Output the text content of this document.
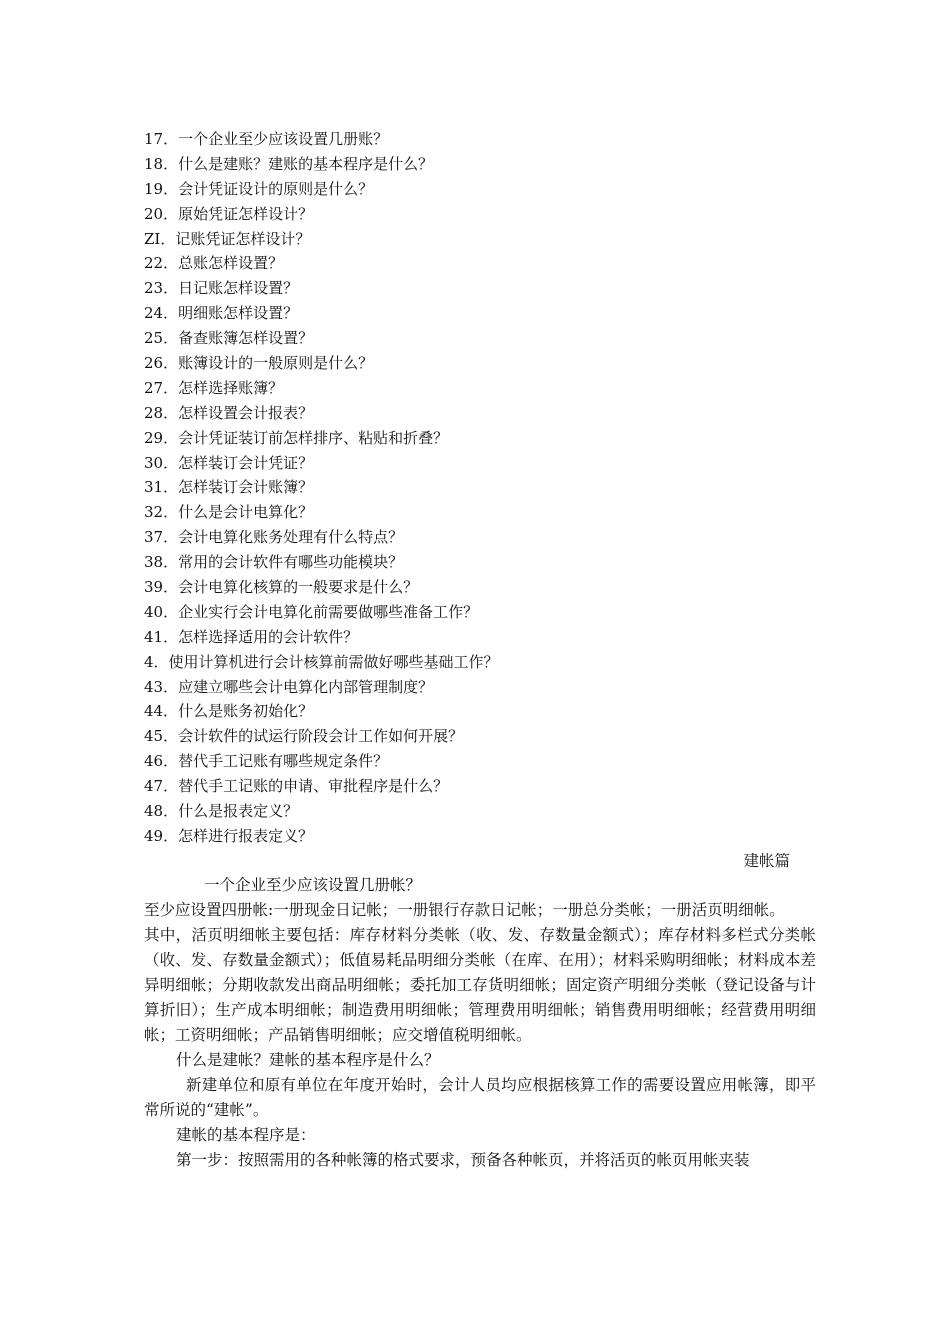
17．一个企业至少应该设置几册账？
18．什么是建账？建账的基本程序是什么？
19．会计凭证设计的原则是什么？
20．原始凭证怎样设计？
ZI．记账凭证怎样设计？
22．总账怎样设置？
23．日记账怎样设置？
24．明细账怎样设置？
25．备查账簿怎样设置？
26．账簿设计的一般原则是什么？
27．怎样选择账簿？
28．怎样设置会计报表？
29．会计凭证装订前怎样排序、粘贴和折叠？
30．怎样装订会计凭证？
31．怎样装订会计账簿？
32．什么是会计电算化？
37．会计电算化账务处理有什么特点？
38．常用的会计软件有哪些功能模块？
39．会计电算化核算的一般要求是什么？
40．企业实行会计电算化前需要做哪些准备工作？
41．怎样选择适用的会计软件？
4．使用计算机进行会计核算前需做好哪些基础工作？
43．应建立哪些会计电算化内部管理制度？
44．什么是账务初始化？
45．会计软件的试运行阶段会计工作如何开展？
46．替代手工记账有哪些规定条件？
47．替代手工记账的申请、审批程序是什么？
48．什么是报表定义？
49．怎样进行报表定义？
建帐篇

一个企业至少应该设置几册帐？

至少应设置四册帐:一册现金日记帐；一册银行存款日记帐；一册总分类帐；一册活页明细帐。

其中，活页明细帐主要包括：库存材料分类帐（收、发、存数量金额式）；库存材料多栏式分类帐（收、发、存数量金额式）；低值易耗品明细分类帐（在库、在用）；材料采购明细帐；材料成本差异明细帐；分期收款发出商品明细帐；委托加工存货明细帐；固定资产明细分类帐（登记设备与计算折旧）；生产成本明细帐；制造费用明细帐；管理费用明细帐；销售费用明细帐；经营费用明细帐；工资明细帐；产品销售明细帐；应交增值税明细帐。

什么是建帐？建帐的基本程序是什么？

新建单位和原有单位在年度开始时，会计人员均应根据核算工作的需要设置应用帐簿，即平常所说的“建帐”。

建帐的基本程序是：

第一步：按照需用的各种帐簿的格式要求，预备各种帐页，并将活页的帐页用帐夹装
